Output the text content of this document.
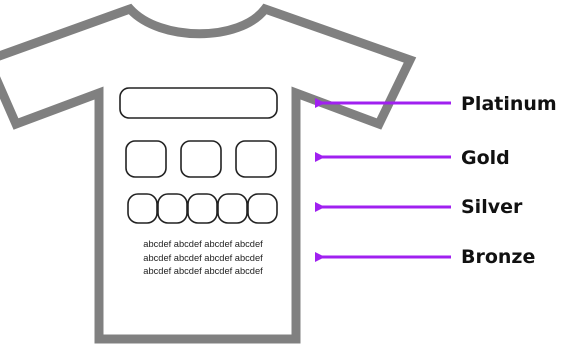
abcdef abcdef abcdef abcdef
abcdef abcdef abcdef abcdef
abcdef abcdef abcdef abcdef
Platinum
Gold
Silver
Bronze
